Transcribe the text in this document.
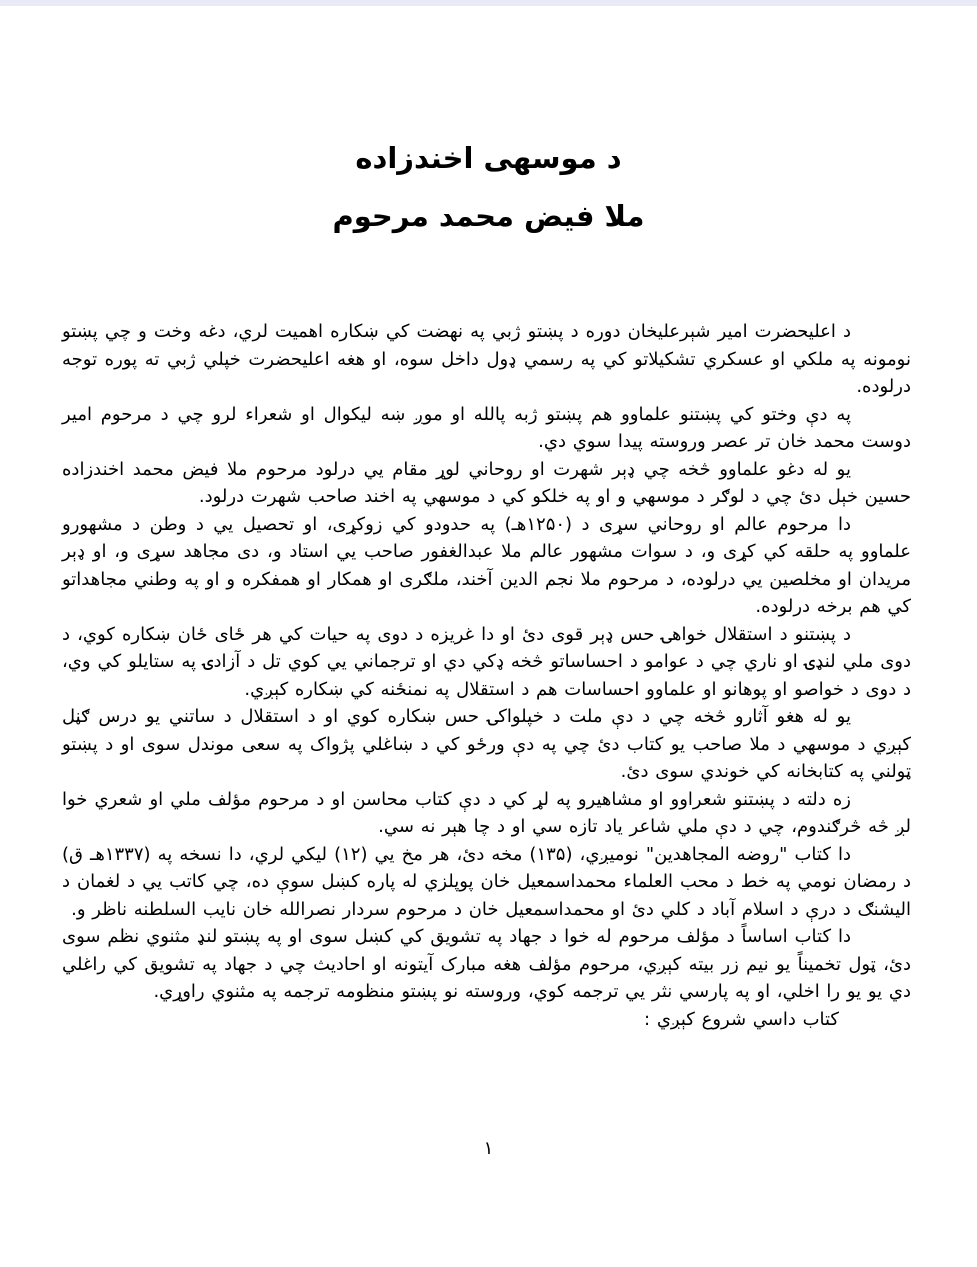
د موسهی اخندزاده
ملا فیض محمد مرحوم

د اعلیحضرت امیر شېرعلیخان دوره د پښتو ژبي په نهضت کي ښکاره اهمیت لري، دغه وخت و چي پښتو نومونه په ملکي او عسکري تشکیلاتو کي په رسمي ډول داخل سوه، او هغه اعلیحضرت خپلي ژبي ته پوره توجه درلوده.

په دې وختو کي پښتنو علماوو هم پښتو ژبه پالله او موږ ښه لیکوال او شعراء لرو چي د مرحوم امیر دوست محمد خان تر عصر وروسته پیدا سوي دي.

یو له دغو علماوو څخه چي ډېر شهرت او روحاني لوړ مقام یي درلود مرحوم ملا فیض محمد اخندزاده حسین خېل دئ چي د لوګر د موسهي و او په خلکو کي د موسهي په اخند صاحب شهرت درلود.

دا مرحوم عالم او روحاني سړی د (۱۲۵۰هـ) په حدودو کي زوکړی، او تحصیل یي د وطن د مشهورو علماوو په حلقه کي کړی و، د سوات مشهور عالم ملا عبدالغفور صاحب یي استاد و، دی مجاهد سړی و، او ډېر مریدان او مخلصین یي درلوده، د مرحوم ملا نجم الدین آخند، ملګری او همکار او همفکره و او په وطني مجاهداتو کي هم برخه درلوده.

د پښتنو د استقلال خواهۍ حس ډېر قوی دئ او دا غریزه د دوی په حیات کي هر ځای ځان ښکاره کوي، د دوی ملي لنډۍ او ناري چي د عوامو د احساساتو څخه ډکي دي او ترجماني یي کوي تل د آزادۍ په ستایلو کي وي، د دوی د خواصو او پوهانو او علماوو احساسات هم د استقلال په نمنځنه کي ښکاره کېږي.

یو له هغو آثارو څخه چي د دې ملت د خپلواکۍ حس ښکاره کوي او د استقلال د ساتني یو درس ګڼل کېږي د موسهي د ملا صاحب یو کتاب دئ چي په دې ورځو کي د ښاغلي پژواک په سعی موندل سوی او د پښتو ټولني په کتابخانه کي خوندي سوی دئ.

زه دلته د پښتنو شعراوو او مشاهیرو په لړ کي د دې کتاب محاسن او د مرحوم مؤلف ملي او شعري خوا لږ څه څرګندوم، چي د دې ملي شاعر یاد تازه سي او د چا هېر نه سي.

دا کتاب "روضه المجاهدین" نومیږي، (۱۳۵) مخه دئ، هر مخ یي (۱۲) لیکي لري، دا نسخه په (۱۳۳۷هـ ق) د رمضان نومي په خط د محب العلماء محمداسمعیل خان پوپلزي له پاره کښل سوې ده، چي کاتب یي د لغمان د الیشنګ د درې د اسلام آباد د کلي دئ او محمداسمعیل خان د مرحوم سردار نصرالله خان نایب السلطنه ناظر و.

دا کتاب اساساً د مؤلف مرحوم له خوا د جهاد په تشویق کي کښل سوی او په پښتو لنډ مثنوي نظم سوی دئ، ټول تخمیناً یو نیم زر بیته کېږي، مرحوم مؤلف هغه مبارک آیتونه او احادیث چي د جهاد په تشویق کي راغلي دي یو یو را اخلي، او په پارسي نثر یي ترجمه کوي، وروسته نو پښتو منظومه ترجمه په مثنوي راوړي.

کتاب داسي شروع کېږي :

۱
